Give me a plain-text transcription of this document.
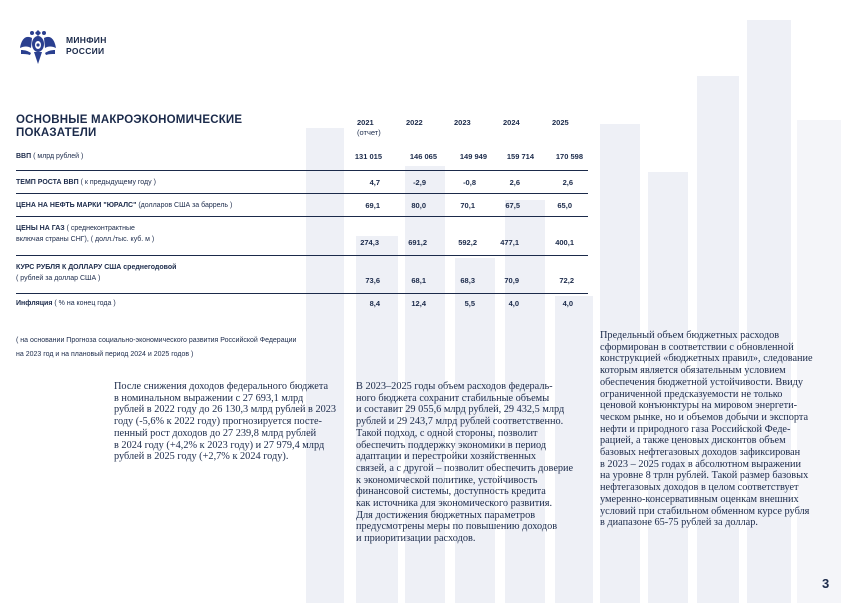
МИНФИН
РОССИИ
ОСНОВНЫЕ МАКРОЭКОНОМИЧЕСКИЕ
ПОКАЗАТЕЛИ
2021	2022	2023	2024	2025
(отчет)
ВВП ( млрд рублей )	131 015	146 065	149 949	159 714	170 598
ТЕМП РОСТА ВВП ( к предыдущему году )	4,7	-2,9	-0,8	2,6	2,6
ЦЕНА НА НЕФТЬ МАРКИ "ЮРАЛС" (долларов США за баррель )	69,1	80,0	70,1	67,5	65,0
ЦЕНЫ НА ГАЗ ( среднеконтрактные
включая страны СНГ), ( долл./тыс. куб. м )	274,3	691,2	592,2	477,1	400,1
КУРС РУБЛЯ К ДОЛЛАРУ США среднегодовой
( рублей за доллар США )	73,6	68,1	68,3	70,9	72,2
Инфляция ( % на конец года )	8,4	12,4	5,5	4,0	4,0
( на основании Прогноза социально-экономического развития Российской Федерации
на 2023 год и на плановый период 2024 и 2025 годов )
После снижения доходов федерального бюджета
в номинальном выражении с 27 693,1 млрд
рублей в 2022 году до 26 130,3 млрд рублей в 2023
году (-5,6% к 2022 году) прогнозируется посте-
пенный рост доходов до 27 239,8 млрд рублей
в 2024 году (+4,2% к 2023 году) и 27 979,4 млрд
рублей в 2025 году (+2,7% к 2024 году).
В 2023–2025 годы объем расходов федераль-
ного бюджета сохранит стабильные объемы
и составит 29 055,6 млрд рублей, 29 432,5 млрд
рублей и 29 243,7 млрд рублей соответственно.
Такой подход, с одной стороны, позволит
обеспечить поддержку экономики в период
адаптации и перестройки хозяйственных
связей, а с другой – позволит обеспечить доверие
к экономической политике, устойчивость
финансовой системы, доступность кредита
как источника для экономического развития.
Для достижения бюджетных параметров
предусмотрены меры по повышению доходов
и приоритизации расходов.
Предельный объем бюджетных расходов
сформирован в соответствии с обновленной
конструкцией «бюджетных правил», следование
которым является обязательным условием
обеспечения бюджетной устойчивости. Ввиду
ограниченной предсказуемости не только
ценовой конъюнктуры на мировом энергети-
ческом рынке, но и объемов добычи и экспорта
нефти и природного газа Российской Феде-
рацией, а также ценовых дисконтов объем
базовых нефтегазовых доходов зафиксирован
в 2023 – 2025 годах в абсолютном выражении
на уровне 8 трлн рублей. Такой размер базовых
нефтегазовых доходов в целом соответствует
умеренно-консервативным оценкам внешних
условий при стабильном обменном курсе рубля
в диапазоне 65-75 рублей за доллар.
3
